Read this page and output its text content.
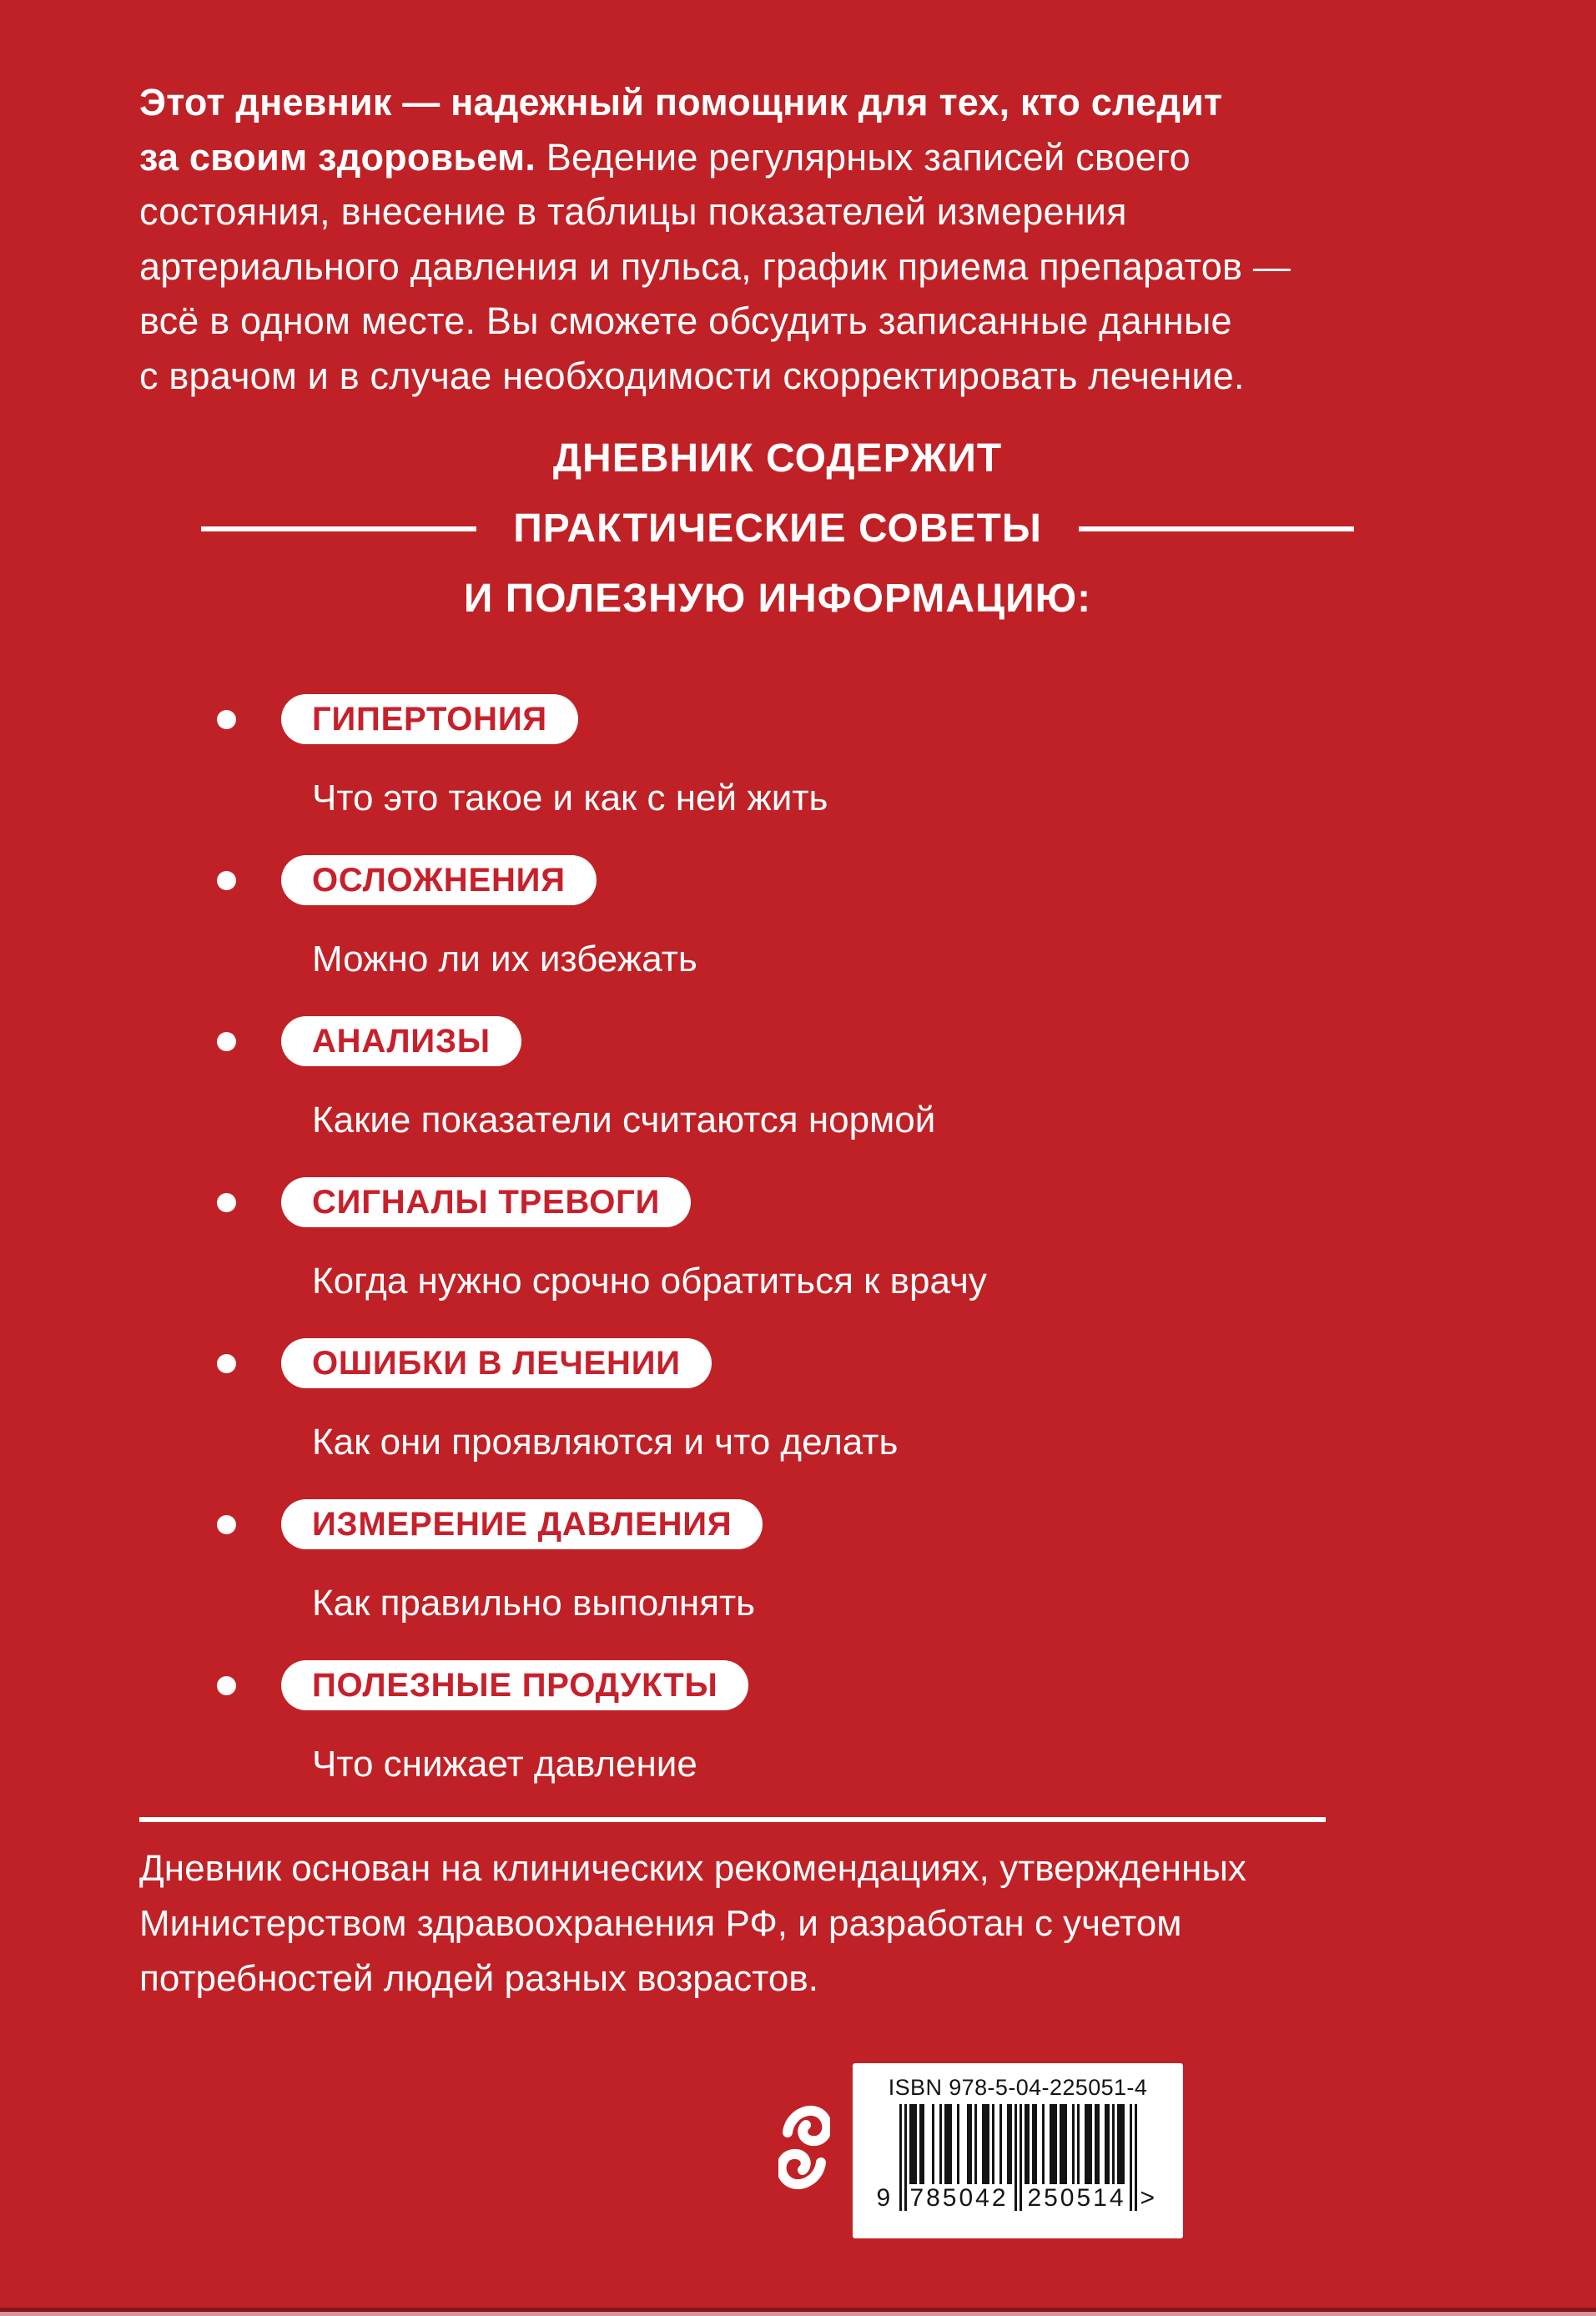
Этот дневник — надежный помощник для тех, кто следит
за своим здоровьем. Ведение регулярных записей своего
состояния, внесение в таблицы показателей измерения
артериального давления и пульса, график приема препаратов —
всё в одном месте. Вы сможете обсудить записанные данные
с врачом и в случае необходимости скорректировать лечение.

ДНЕВНИК СОДЕРЖИТ
ПРАКТИЧЕСКИЕ СОВЕТЫ
И ПОЛЕЗНУЮ ИНФОРМАЦИЮ:
ГИПЕРТОНИЯ
Что это такое и как с ней жить
ОСЛОЖНЕНИЯ
Можно ли их избежать
АНАЛИЗЫ
Какие показатели считаются нормой
СИГНАЛЫ ТРЕВОГИ
Когда нужно срочно обратиться к врачу
ОШИБКИ В ЛЕЧЕНИИ
Как они проявляются и что делать
ИЗМЕРЕНИЕ ДАВЛЕНИЯ
Как правильно выполнять
ПОЛЕЗНЫЕ ПРОДУКТЫ
Что снижает давление

Дневник основан на клинических рекомендациях, утвержденных
Министерством здравоохранения РФ, и разработан с учетом
потребностей людей разных возрастов.

ISBN 978-5-04-225051-4
9 785042 250514 >
